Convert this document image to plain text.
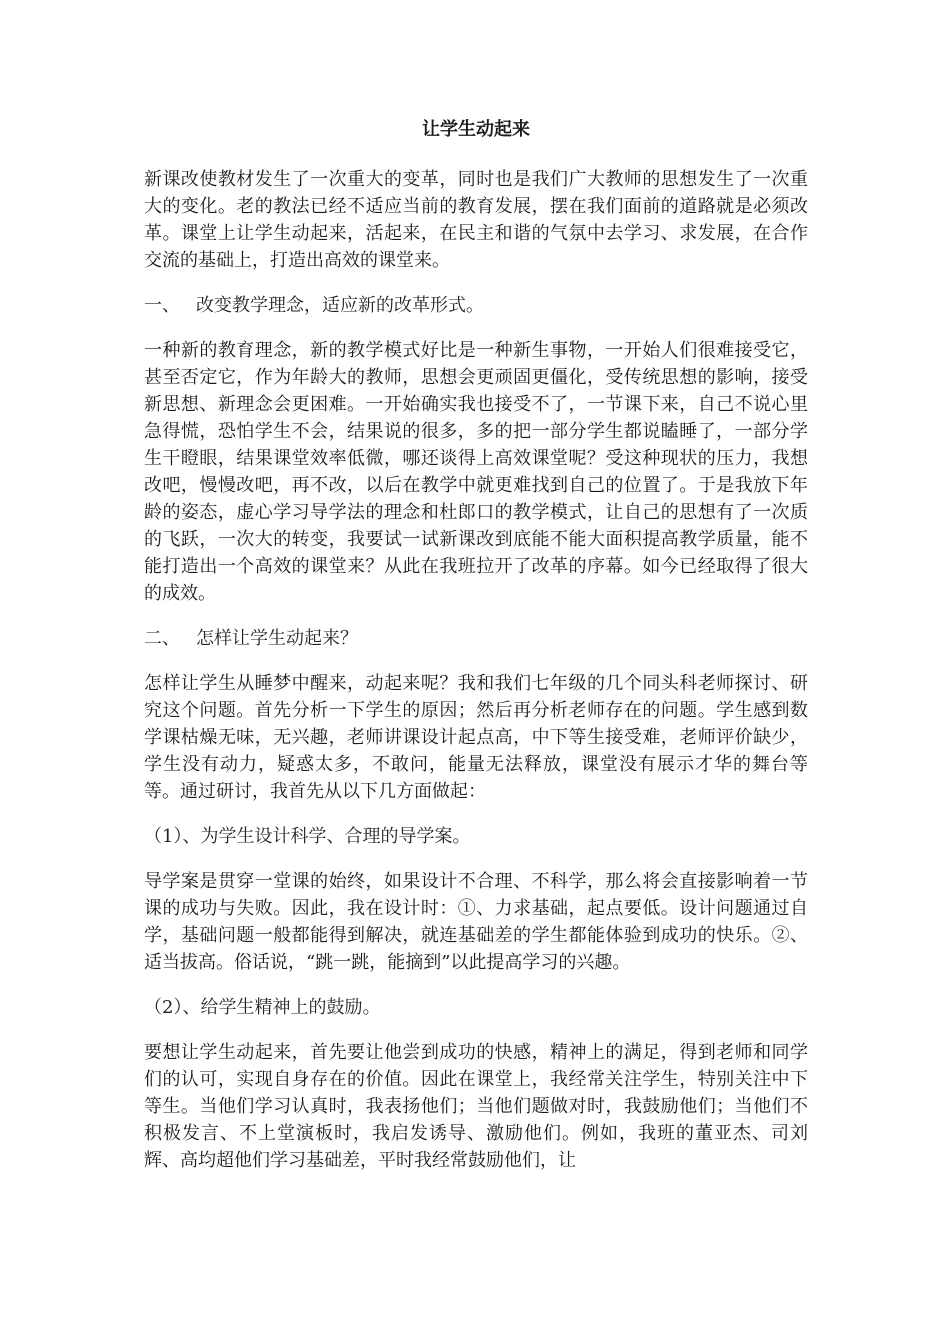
让学生动起来

新课改使教材发生了一次重大的变革，同时也是我们广大教师的思想发生了一次重大的变化。老的教法已经不适应当前的教育发展，摆在我们面前的道路就是必须改革。课堂上让学生动起来，活起来，在民主和谐的气氛中去学习、求发展，在合作交流的基础上，打造出高效的课堂来。

一、 改变教学理念，适应新的改革形式。

一种新的教育理念，新的教学模式好比是一种新生事物，一开始人们很难接受它，甚至否定它，作为年龄大的教师，思想会更顽固更僵化，受传统思想的影响，接受新思想、新理念会更困难。一开始确实我也接受不了，一节课下来，自己不说心里急得慌，恐怕学生不会，结果说的很多，多的把一部分学生都说瞌睡了，一部分学生干瞪眼，结果课堂效率低微，哪还谈得上高效课堂呢？受这种现状的压力，我想改吧，慢慢改吧，再不改，以后在教学中就更难找到自己的位置了。于是我放下年龄的姿态，虚心学习导学法的理念和杜郎口的教学模式，让自己的思想有了一次质的飞跃，一次大的转变，我要试一试新课改到底能不能大面积提高教学质量，能不能打造出一个高效的课堂来？从此在我班拉开了改革的序幕。如今已经取得了很大的成效。

二、 怎样让学生动起来？

怎样让学生从睡梦中醒来，动起来呢？我和我们七年级的几个同头科老师探讨、研究这个问题。首先分析一下学生的原因；然后再分析老师存在的问题。学生感到数学课枯燥无味，无兴趣，老师讲课设计起点高，中下等生接受难，老师评价缺少，学生没有动力，疑惑太多，不敢问，能量无法释放，课堂没有展示才华的舞台等等。通过研讨，我首先从以下几方面做起：

（1）、为学生设计科学、合理的导学案。

导学案是贯穿一堂课的始终，如果设计不合理、不科学，那么将会直接影响着一节课的成功与失败。因此，我在设计时：①、力求基础，起点要低。设计问题通过自学，基础问题一般都能得到解决，就连基础差的学生都能体验到成功的快乐。②、适当拔高。俗话说，“跳一跳，能摘到”以此提高学习的兴趣。

（2）、给学生精神上的鼓励。

要想让学生动起来，首先要让他尝到成功的快感，精神上的满足，得到老师和同学们的认可，实现自身存在的价值。因此在课堂上，我经常关注学生，特别关注中下等生。当他们学习认真时，我表扬他们；当他们题做对时，我鼓励他们；当他们不积极发言、不上堂演板时，我启发诱导、激励他们。例如，我班的董亚杰、司刘辉、高均超他们学习基础差，平时我经常鼓励他们，让
